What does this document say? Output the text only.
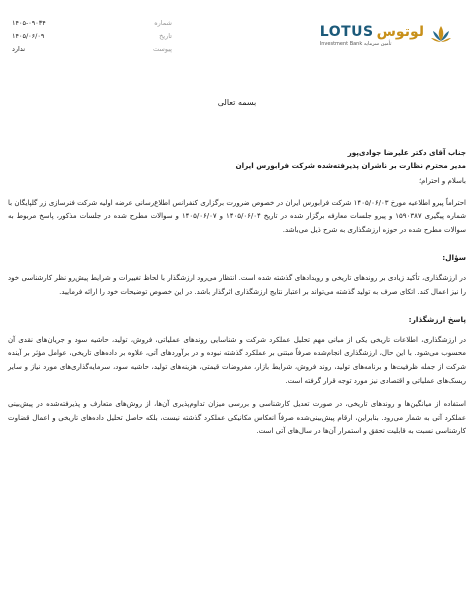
LOTUS لوتوس
Investment Bank تأمین سرمایه
شماره
۱۴۰۵-۰۹۰۳۴
تاریخ
۱۴۰۵/۰۶/۰۹
پیوست
ندارد
بسمه تعالی

جناب آقای دکتر علیرضا جوادی‌پور

مدیر محترم نظارت بر ناشران پذیرفته‌شده شرکت فرابورس ایران

باسلام و احترام؛

احتراماً پیرو اطلاعیه مورخ ۱۴۰۵/۰۶/۰۳ شرکت فرابورس ایران در خصوص ضرورت برگزاری کنفرانس اطلاع‌رسانی عرضه اولیه شرکت فنرسازی زر گلپایگان با شماره پیگیری ۱۵۹۰۳۸۷ و پیرو جلسات معارفه برگزار شده در تاریخ ۱۴۰۵/۰۶/۰۴ و ۱۴۰۵/۰۶/۰۷ و سوالات مطرح شده در جلسات مذکور، پاسخ مربوط به سوالات مطرح شده در حوزه ارزشگذاری به شرح ذیل می‌باشد.

سؤال:

در ارزشگذاری، تأکید زیادی بر روندهای تاریخی و رویدادهای گذشته شده است. انتظار می‌رود ارزشگذار با لحاظ تغییرات و شرایط پیش‌رو نظر کارشناسی خود را نیز اعمال کند. اتکای صرف به تولید گذشته می‌تواند بر اعتبار نتایج ارزشگذاری اثرگذار باشد. در این خصوص توضیحات خود را ارائه فرمایید.

پاسخ ارزشگذار:

در ارزشگذاری، اطلاعات تاریخی یکی از مبانی مهم تحلیل عملکرد شرکت و شناسایی روندهای عملیاتی، فروش، تولید، حاشیه سود و جریان‌های نقدی آن محسوب می‌شود. با این حال، ارزشگذاری انجام‌شده صرفاً مبتنی بر عملکرد گذشته نبوده و در برآوردهای آتی، علاوه بر داده‌های تاریخی، عوامل مؤثر بر آینده شرکت از جمله ظرفیت‌ها و برنامه‌های تولید، روند فروش، شرایط بازار، مفروضات قیمتی، هزینه‌های تولید، حاشیه سود، سرمایه‌گذاری‌های مورد نیاز و سایر ریسک‌های عملیاتی و اقتصادی نیز مورد توجه قرار گرفته است.

استفاده از میانگین‌ها و روندهای تاریخی، در صورت تعدیل کارشناسی و بررسی میزان تداوم‌پذیری آن‌ها، از روش‌های متعارف و پذیرفته‌شده در پیش‌بینی عملکرد آتی به شمار می‌رود. بنابراین، ارقام پیش‌بینی‌شده صرفاً انعکاس مکانیکی عملکرد گذشته نیست، بلکه حاصل تحلیل داده‌های تاریخی و اعمال قضاوت کارشناسی نسبت به قابلیت تحقق و استمرار آن‌ها در سال‌های آتی است.
